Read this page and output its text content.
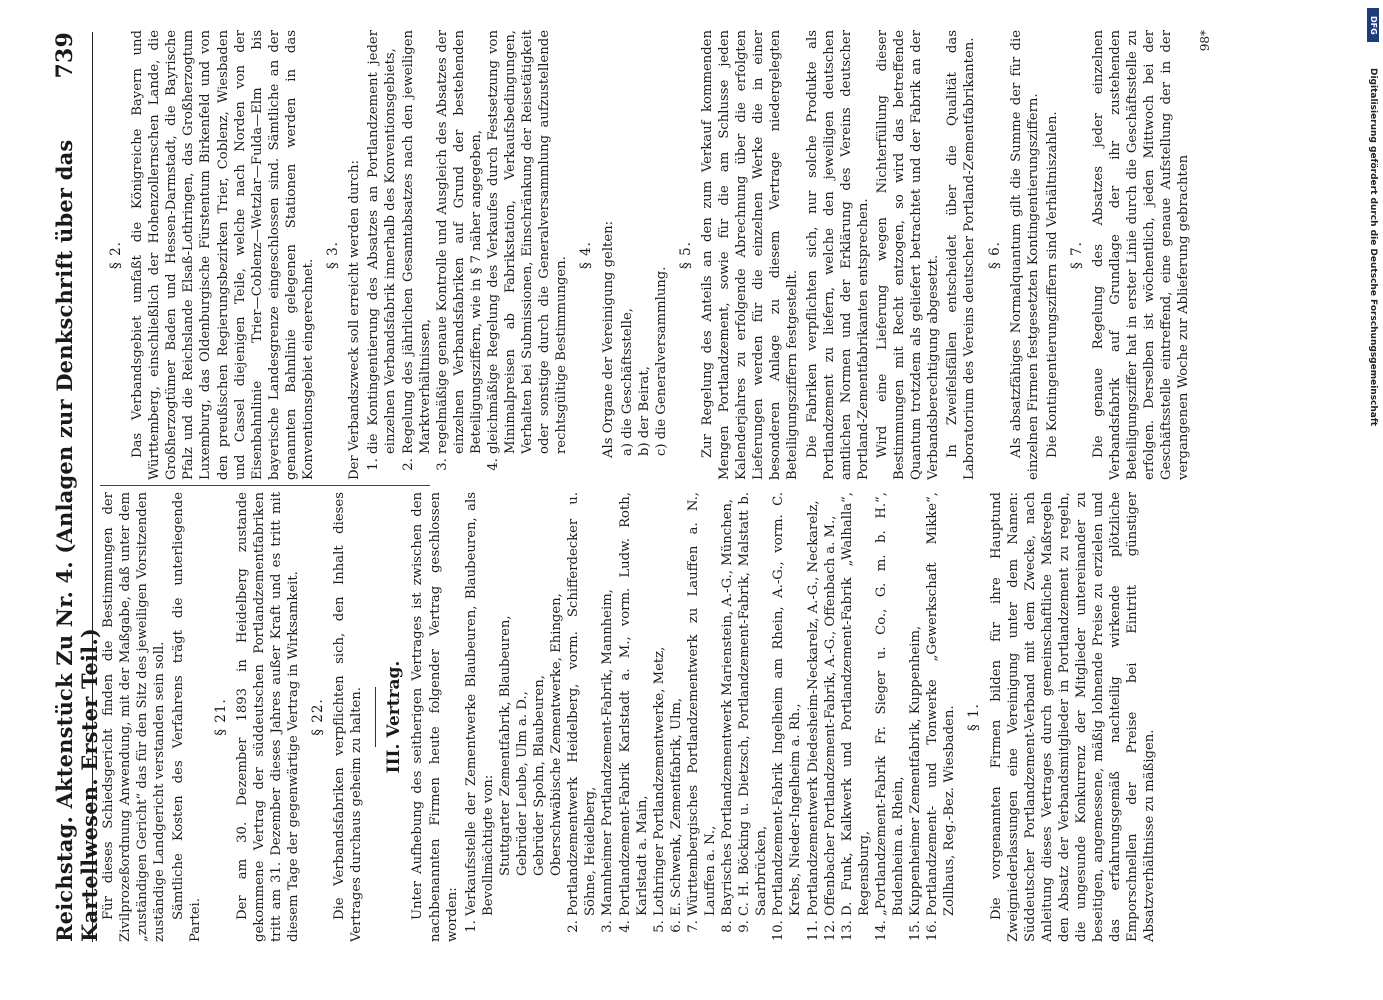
Reichstag. Aktenstück Zu Nr. 4. (Anlagen zur Denkschrift über das Kartellwesen. Erster Teil.)
739

Für dieses Schiedsgericht finden die Bestimmungen der Zivilprozeßordnung Anwendung, mit der Maßgabe, daß unter dem „zuständigen Gericht“ das für den Sitz des jeweiligen Vorsitzenden zuständige Landgericht verstanden sein soll. Sämtliche Kosten des Verfahrens trägt die unterliegende Partei.

§ 21. Der am 30. Dezember 1893 in Heidelberg zustande gekommene Vertrag der süddeutschen Portlandzementfabriken tritt am 31. Dezember dieses Jahres außer Kraft und es tritt mit diesem Tage der gegenwärtige Vertrag in Wirksamkeit. § 22. Die Verbandsfabriken verpflichten sich, den Inhalt dieses Vertrages durchaus geheim zu halten. III. Vertrag. Unter Aufhebung des seitherigen Vertrages ist zwischen den nachbenannten Firmen heute folgender Vertrag geschlossen worden: 1. Verkaufsstelle der Zementwerke Blaubeuren, Blaubeuren, als Bevollmächtigte von: Stuttgarter Zementfabrik, Blaubeuren, Gebrüder Leube, Ulm a. D., Gebrüder Spohn, Blaubeuren, Oberschwäbische Zementwerke, Ehingen, 2. Portlandzementwerk Heidelberg, vorm. Schifferdecker u. Söhne, Heidelberg, 3. Mannheimer Portlandzement-Fabrik, Mannheim, 4. Portlandzement-Fabrik Karlstadt a. M., vorm. Ludw. Roth, Karlstadt a. Main, 5. Lothringer Portlandzementwerke, Metz, 6. E. Schwenk, Zementfabrik, Ulm, 7. Württembergisches Portlandzementwerk zu Lauffen a. N., Lauffen a. N., 8. Bayrisches Portlandzementwerk Marienstein, A.-G., München, 9. C. H. Böcking u. Dietzsch, Portlandzement-Fabrik, Malstatt b. Saarbrücken, 10. Portlandzement-Fabrik Ingelheim am Rhein, A.-G., vorm. C. Krebs, Nieder-Ingelheim a. Rh., 11. Portlandzementwerk Diedesheim-Neckarelz, A.-G., Neckarelz, 12. Offenbacher Portlandzement-Fabrik, A.-G., Offenbach a. M., 13. D. Funk, Kalkwerk und Portlandzement-Fabrik „Walhalla“, Regensburg, 14. „Portlandzement-Fabrik Fr. Sieger u. Co., G. m. b. H.“, Budenheim a. Rhein, 15. Kuppenheimer Zementfabrik, Kuppenheim, 16. Portlandzement- und Tonwerke „Gewerkschaft Mikke“, Zollhaus, Reg.-Bez. Wiesbaden. § 1. Die vorgenannten Firmen bilden für ihre Hauptund Zweigniederlassungen eine Vereinigung unter dem Namen: Süddeutscher Portlandzement-Verband mit dem Zwecke, nach Anleitung dieses Vertrages durch gemeinschaftliche Maßregeln den Absatz der Verbandsmitglieder in Portlandzement zu regeln, die ungesunde Konkurrenz der Mitglieder untereinander zu beseitigen, angemessene, mäßig lohnende Preise zu erzielen und das erfahrungsgemäß nachteilig wirkende plötzliche Emporschnellen der Preise bei Eintritt günstiger Absatzverhältnisse zu mäßigen.

§ 2. Das Verbandsgebiet umfaßt die Königreiche Bayern und Württemberg, einschließlich der Hohenzollernschen Lande, die Großherzogtümer Baden und Hessen-Darmstadt, die Bayrische Pfalz und die Reichslande Elsaß-Lothringen, das Großherzogtum Luxemburg, das Oldenburgische Fürstentum Birkenfeld und von den preußischen Regierungsbezirken Trier, Coblenz, Wiesbaden und Cassel diejenigen Teile, welche nach Norden von der Eisenbahnlinie Trier—Coblenz—Wetzlar—Fulda—Elm bis bayerische Landesgrenze eingeschlossen sind. Sämtliche an der genannten Bahnlinie gelegenen Stationen werden in das Konventionsgebiet eingerechnet.

§ 3. Der Verbandszweck soll erreicht werden durch: 1. die Kontingentierung des Absatzes an Portlandzement jeder einzelnen Verbandsfabrik innerhalb des Konventionsgebiets, 2. Regelung des jährlichen Gesamtabsatzes nach den jeweiligen Marktverhältnissen, 3. regelmäßige genaue Kontrolle und Ausgleich des Absatzes der einzelnen Verbandsfabriken auf Grund der bestehenden Beteiligungsziffern, wie in § 7 näher angegeben, 4. gleichmäßige Regelung des Verkaufes durch Festsetzung von Minimalpreisen ab Fabrikstation, Verkaufsbedingungen, Verhalten bei Submissionen, Einschränkung der Reisetätigkeit oder sonstige durch die Generalversammlung aufzustellende rechtsgültige Bestimmungen.
§ 4. Als Organe der Vereinigung gelten: a) die Geschäftsstelle, b) der Beirat, c) die Generalversammlung.
§ 5. Zur Regelung des Anteils an den zum Verkauf kommenden Mengen Portlandzement, sowie für die am Schlusse jeden Kalenderjahres zu erfolgende Abrechnung über die erfolgten Lieferungen werden für die einzelnen Werke die in einer besonderen Anlage zu diesem Vertrage niedergelegten Beteiligungsziffern festgestellt. Die Fabriken verpflichten sich, nur solche Produkte als Portlandzement zu liefern, welche den jeweiligen deutschen amtlichen Normen und der Erklärung des Vereins deutscher Portland-Zementfabrikanten entsprechen. Wird eine Lieferung wegen Nichterfüllung dieser Bestimmungen mit Recht entzogen, so wird das betreffende Quantum trotzdem als geliefert betrachtet und der Fabrik an der Verbandsberechtigung abgesetzt. In Zweifelsfällen entscheidet über die Qualität das Laboratorium des Vereins deutscher Portland-Zementfabrikanten. § 6. Als absatzfähiges Normalquantum gilt die Summe der für die einzelnen Firmen festgesetzten Kontingentierungsziffern. Die Kontingentierungsziffern sind Verhältniszahlen. § 7. Die genaue Regelung des Absatzes jeder einzelnen Verbandsfabrik auf Grundlage der ihr zustehenden Beteiligungsziffer hat in erster Linie durch die Geschäftsstelle zu erfolgen. Derselben ist wöchentlich, jeden Mittwoch bei der Geschäftsstelle eintreffend, eine genaue Aufstellung der in der vergangenen Woche zur Ablieferung gebrachten

98*
DFG
Digitalisierung gefördert durch die Deutsche Forschungsgemeinschaft
